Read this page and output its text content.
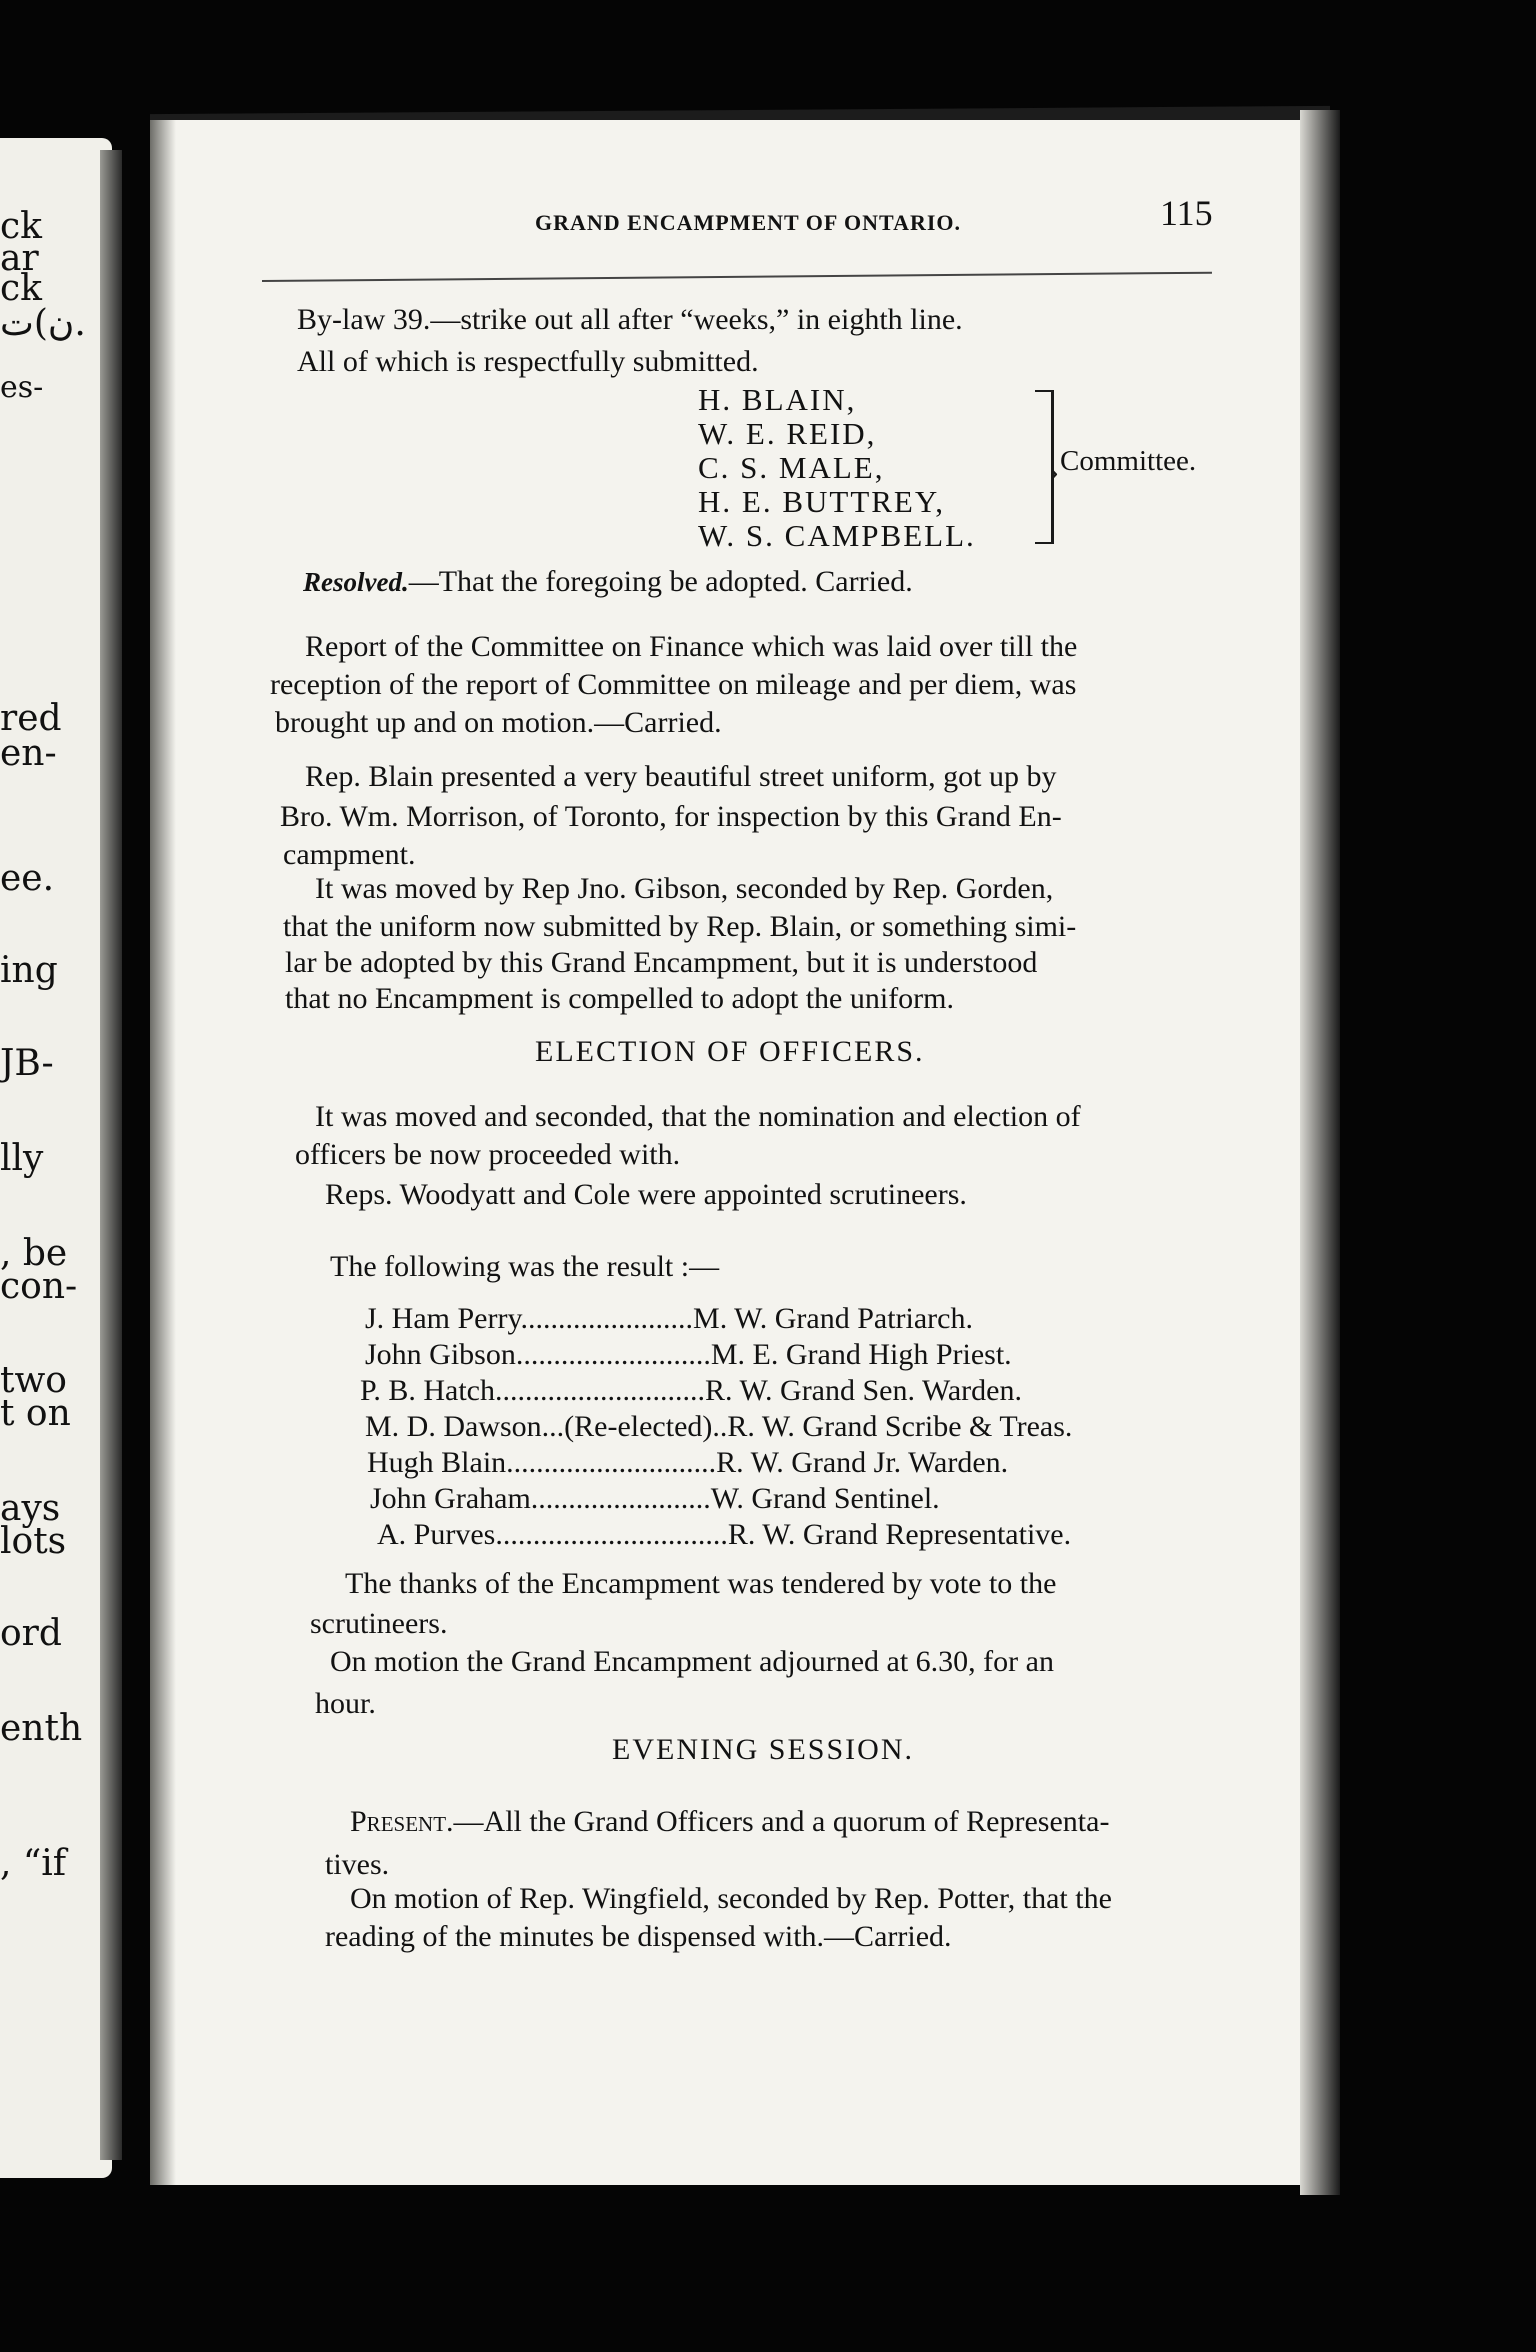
ck
ar
ck
ن)ت.
es-
red
en-
ee.
ing
JB-
lly
, be
con-
two
t on
ays
lots
ord
enth
, “if
GRAND ENCAMPMENT OF ONTARIO.	115
By-law 39.—strike out all after “weeks,” in eighth line.
All of which is respectfully submitted.
H. BLAIN,
W. E. REID,
C. S. MALE,
H. E. BUTTREY,
W. S. CAMPBELL.
› Committee.
Resolved.—That the foregoing be adopted. Carried.
Report of the Committee on Finance which was laid over till the
reception of the report of Committee on mileage and per diem, was
brought up and on motion.—Carried.
Rep. Blain presented a very beautiful street uniform, got up by
Bro. Wm. Morrison, of Toronto, for inspection by this Grand En-
campment.
It was moved by Rep Jno. Gibson, seconded by Rep. Gorden,
that the uniform now submitted by Rep. Blain, or something simi-
lar be adopted by this Grand Encampment, but it is understood
that no Encampment is compelled to adopt the uniform.
ELECTION OF OFFICERS.
It was moved and seconded, that the nomination and election of
officers be now proceeded with.
Reps. Woodyatt and Cole were appointed scrutineers.
The following was the result :—
J. Ham Perry.......................M. W. Grand Patriarch.
John Gibson..........................M. E. Grand High Priest.
P. B. Hatch............................R. W. Grand Sen. Warden.
M. D. Dawson...(Re-elected)..R. W. Grand Scribe & Treas.
Hugh Blain............................R. W. Grand Jr. Warden.
John Graham........................W. Grand Sentinel.
A. Purves...............................R. W. Grand Representative.
The thanks of the Encampment was tendered by vote to the
scrutineers.
On motion the Grand Encampment adjourned at 6.30, for an
hour.
EVENING SESSION.
Present.—All the Grand Officers and a quorum of Representa-
tives.
On motion of Rep. Wingfield, seconded by Rep. Potter, that the
reading of the minutes be dispensed with.—Carried.
